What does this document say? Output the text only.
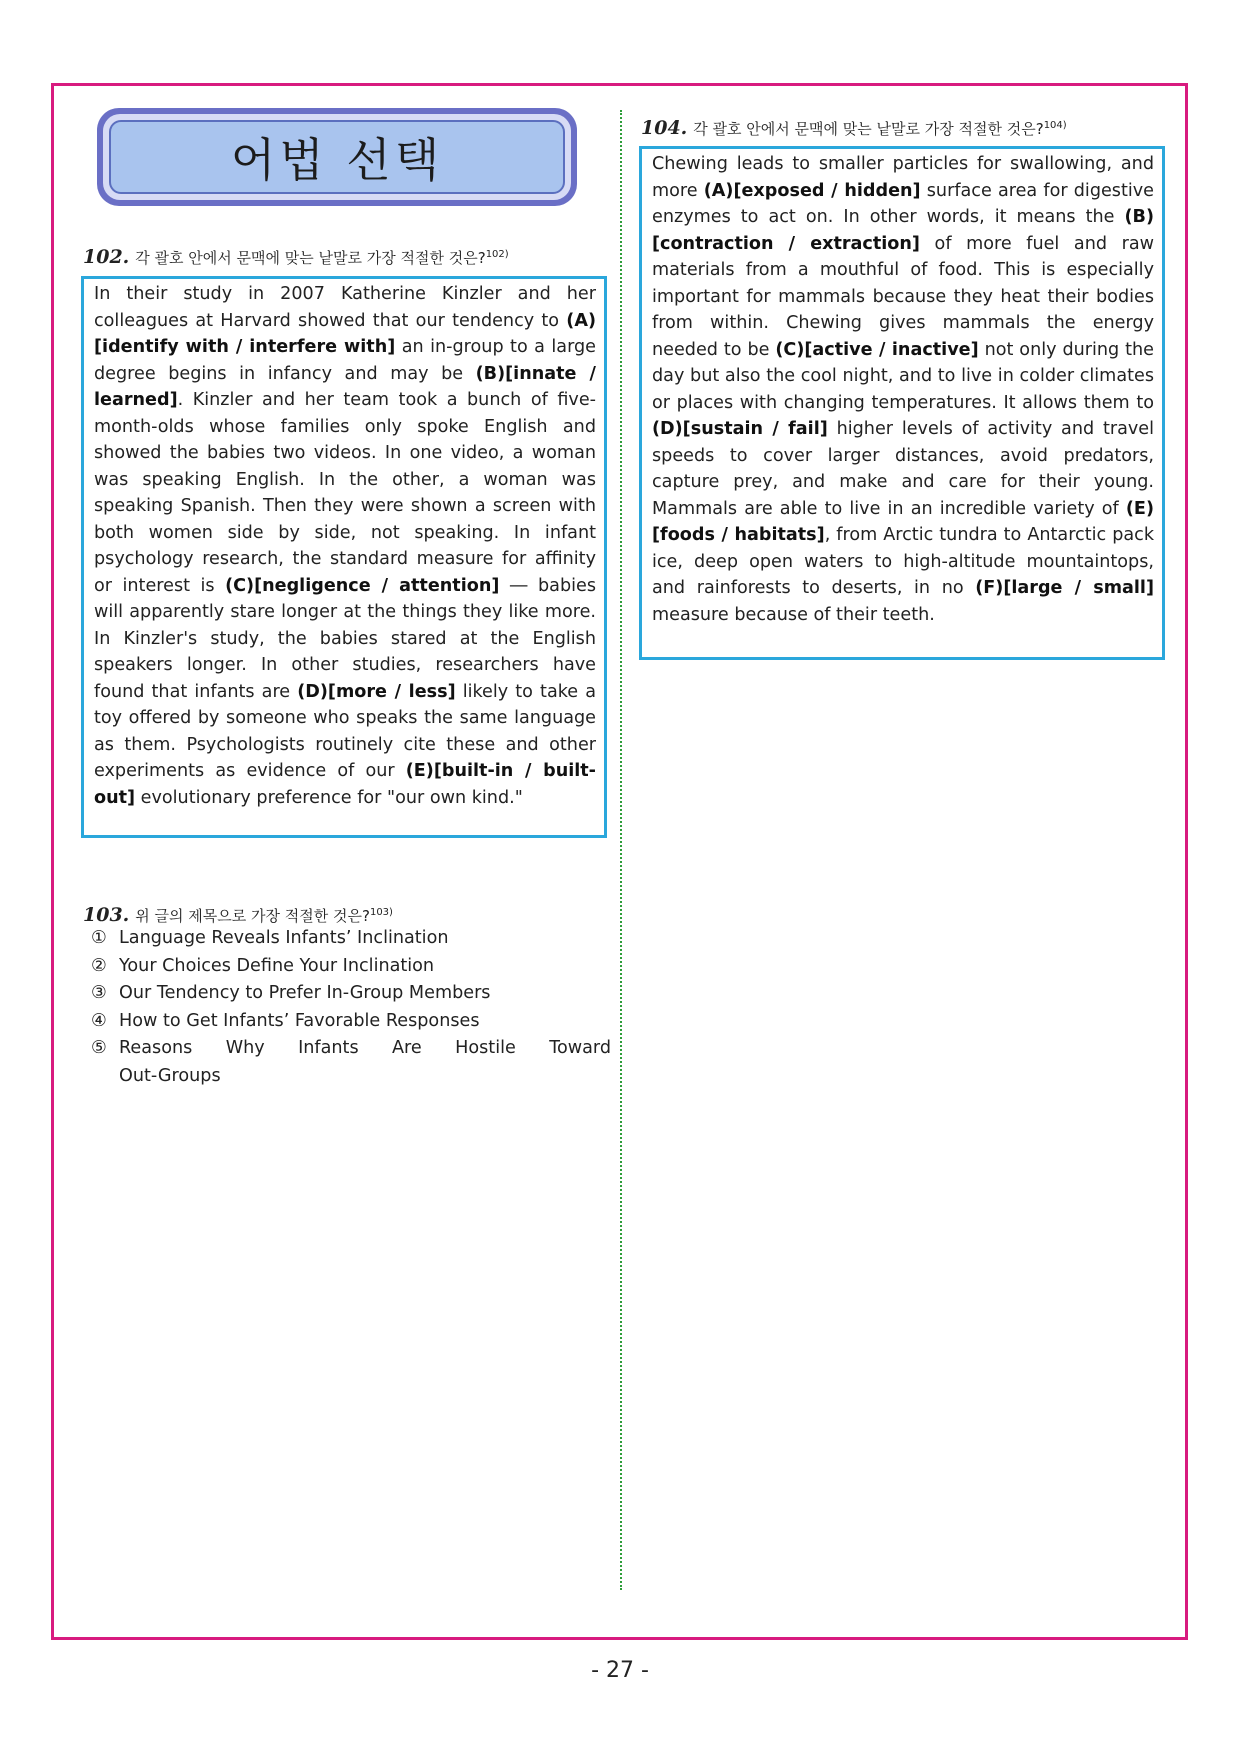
어법 선택
102. 각 괄호 안에서 문맥에 맞는 낱말로 가장 적절한 것은?$^{102)}$
In their study in 2007 Katherine Kinzler and her colleagues at Harvard showed that our tendency to (A)[identify with / interfere with] an in-group to a large degree begins in infancy and may be (B)[innate / learned]. Kinzler and her team took a bunch of five-month-olds whose families only spoke English and showed the babies two videos. In one video, a woman was speaking English. In the other, a woman was speaking Spanish. Then they were shown a screen with both women side by side, not speaking. In infant psychology research, the standard measure for affinity or interest is (C)[negligence / attention] ― babies will apparently stare longer at the things they like more. In Kinzler's study, the babies stared at the English speakers longer. In other studies, researchers have found that infants are (D)[more / less] likely to take a toy offered by someone who speaks the same language as them. Psychologists routinely cite these and other experiments as evidence of our (E)[built-in / built-out] evolutionary preference for "our own kind."
103. 위 글의 제목으로 가장 적절한 것은?$^{103)}$
① Language Reveals Infants’ Inclination
② Your Choices Define Your Inclination
③ Our Tendency to Prefer In-Group Members
④ How to Get Infants’ Favorable Responses
⑤ Reasons Why Infants Are Hostile Toward
Out-Groups
104. 각 괄호 안에서 문맥에 맞는 낱말로 가장 적절한 것은?$^{104)}$
Chewing leads to smaller particles for swallowing, and more (A)[exposed / hidden] surface area for digestive enzymes to act on. In other words, it means the (B)[contraction / extraction] of more fuel and raw materials from a mouthful of food. This is especially important for mammals because they heat their bodies from within. Chewing gives mammals the energy needed to be (C)[active / inactive] not only during the day but also the cool night, and to live in colder climates or places with changing temperatures. It allows them to (D)[sustain / fail] higher levels of activity and travel speeds to cover larger distances, avoid predators, capture prey, and make and care for their young. Mammals are able to live in an incredible variety of (E)[foods / habitats], from Arctic tundra to Antarctic pack ice, deep open waters to high-altitude mountaintops, and rainforests to deserts, in no (F)[large / small] measure because of their teeth.
- 27 -
